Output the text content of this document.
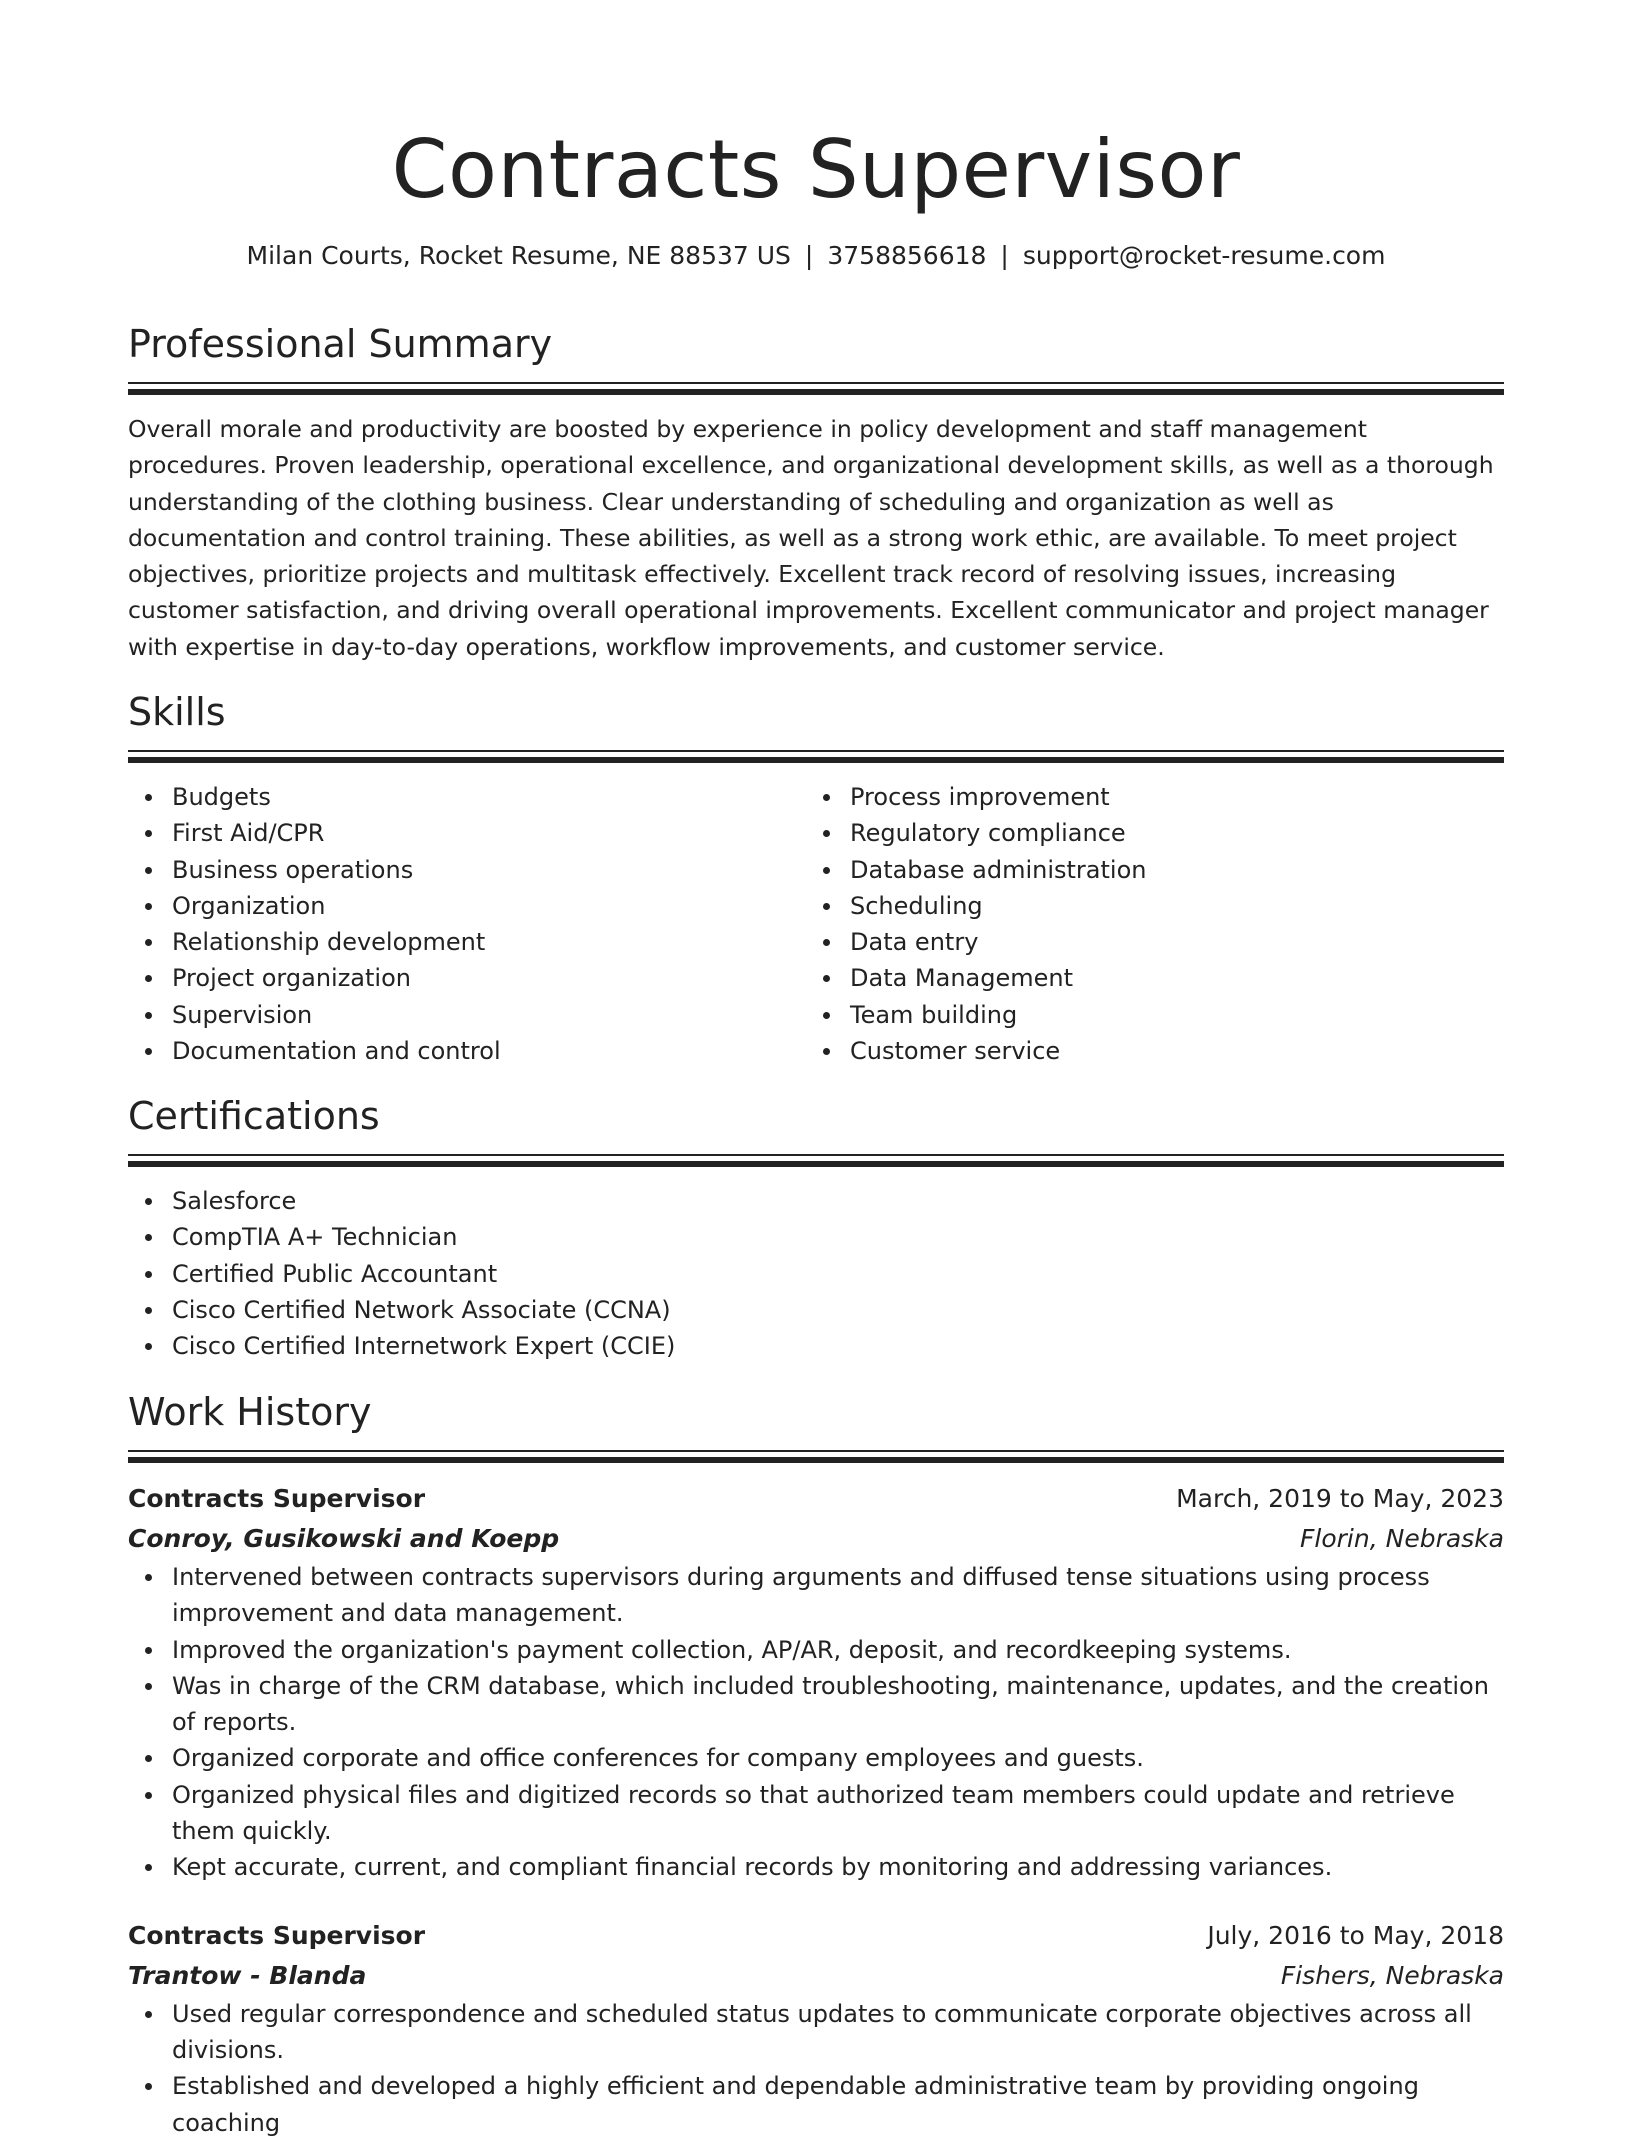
Contracts Supervisor
Milan Courts, Rocket Resume, NE 88537 US | 3758856618 | support@rocket-resume.com
Professional Summary

Overall morale and productivity are boosted by experience in policy development and staff management procedures. Proven leadership, operational excellence, and organizational development skills, as well as a thorough understanding of the clothing business. Clear understanding of scheduling and organization as well as documentation and control training. These abilities, as well as a strong work ethic, are available. To meet project objectives, prioritize projects and multitask effectively. Excellent track record of resolving issues, increasing customer satisfaction, and driving overall operational improvements. Excellent communicator and project manager with expertise in day-to-day operations, workflow improvements, and customer service.

Skills
Budgets
First Aid/CPR
Business operations
Organization
Relationship development
Project organization
Supervision
Documentation and control
Process improvement
Regulatory compliance
Database administration
Scheduling
Data entry
Data Management
Team building
Customer service
Certifications
Salesforce
CompTIA A+ Technician
Certified Public Accountant
Cisco Certified Network Associate (CCNA)
Cisco Certified Internetwork Expert (CCIE)
Work History
Contracts Supervisor	March, 2019 to May, 2023
Conroy, Gusikowski and Koepp	Florin, Nebraska
Intervened between contracts supervisors during arguments and diffused tense situations using process improvement and data management.
Improved the organization's payment collection, AP/AR, deposit, and recordkeeping systems.
Was in charge of the CRM database, which included troubleshooting, maintenance, updates, and the creation of reports.
Organized corporate and office conferences for company employees and guests.
Organized physical files and digitized records so that authorized team members could update and retrieve them quickly.
Kept accurate, current, and compliant financial records by monitoring and addressing variances.
Contracts Supervisor	July, 2016 to May, 2018
Trantow - Blanda	Fishers, Nebraska
Used regular correspondence and scheduled status updates to communicate corporate objectives across all divisions.
Established and developed a highly efficient and dependable administrative team by providing ongoing coaching
